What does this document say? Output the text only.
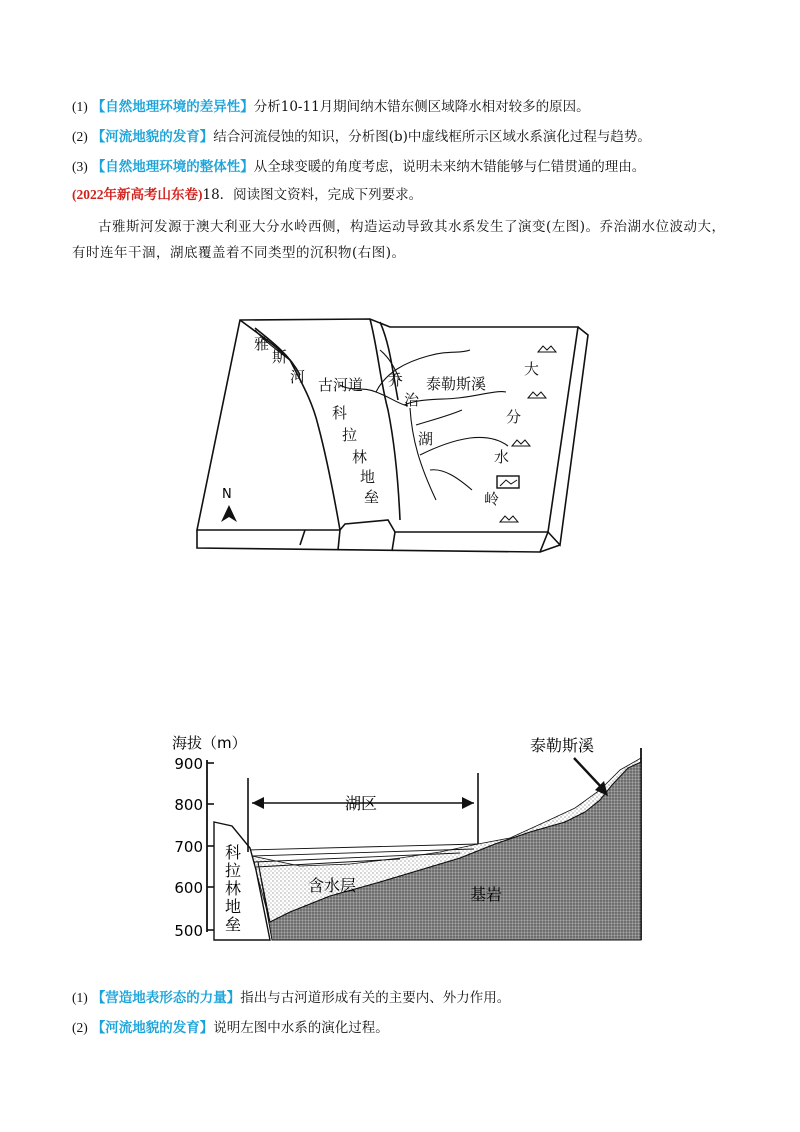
(1) 【自然地理环境的差异性】分析10-11月期间纳木错东侧区域降水相对较多的原因。
(2) 【河流地貌的发育】结合河流侵蚀的知识，分析图(b)中虚线框所示区域水系演化过程与趋势。
(3) 【自然地理环境的整体性】从全球变暖的角度考虑，说明未来纳木错能够与仁错贯通的理由。
(2022年新高考山东卷)18．阅读图文资料，完成下列要求。
古雅斯河发源于澳大利亚大分水岭西侧，构造运动导致其水系发生了演变(左图)。乔治湖水位波动大，有时连年干涸，湖底覆盖着不同类型的沉积物(右图)。
N
雅
斯
河 古河道 乔
治
湖
科
拉
林
地
垒
泰勒斯溪
大
分
水
岭
海拔（m）
900
800
700
600
500
湖区
含水层	基岩
泰勒斯溪
科
拉
林
地
垒
(1) 【营造地表形态的力量】指出与古河道形成有关的主要内、外力作用。
(2) 【河流地貌的发育】说明左图中水系的演化过程。
